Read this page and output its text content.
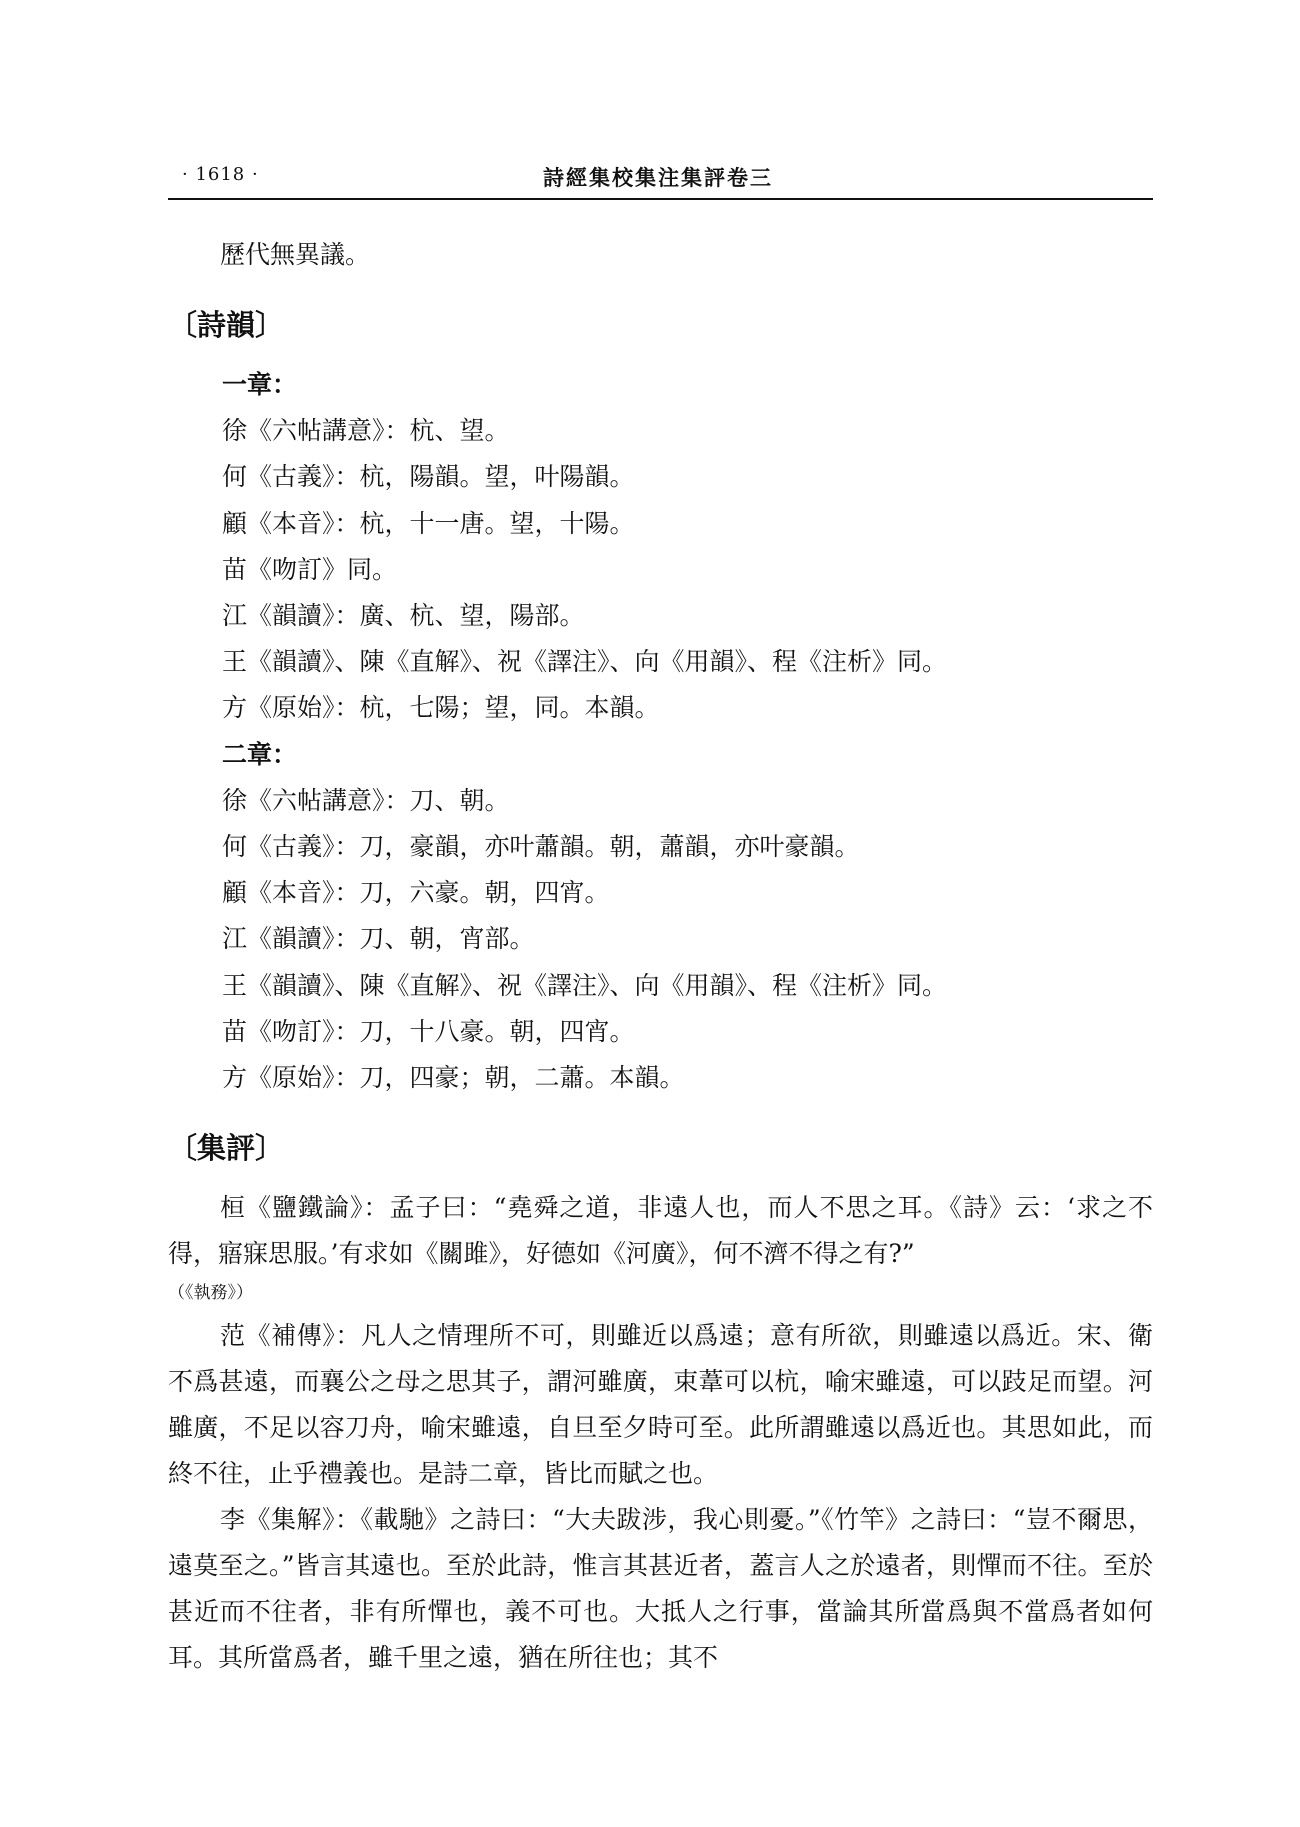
· 1618 ·	詩經集校集注集評卷三

歷代無異議。

〔詩韻〕

一章：

徐《六帖講意》：杭、望。

何《古義》：杭，陽韻。望，叶陽韻。

顧《本音》：杭，十一唐。望，十陽。

苗《吻訂》同。

江《韻讀》：廣、杭、望，陽部。

王《韻讀》、陳《直解》、祝《譯注》、向《用韻》、程《注析》同。

方《原始》：杭，七陽；望，同。本韻。

二章：

徐《六帖講意》：刀、朝。

何《古義》：刀，豪韻，亦叶蕭韻。朝，蕭韻，亦叶豪韻。

顧《本音》：刀，六豪。朝，四宵。

江《韻讀》：刀、朝，宵部。

王《韻讀》、陳《直解》、祝《譯注》、向《用韻》、程《注析》同。

苗《吻訂》：刀，十八豪。朝，四宵。

方《原始》：刀，四豪；朝，二蕭。本韻。

〔集評〕

桓《鹽鐵論》：孟子曰：“堯舜之道，非遠人也，而人不思之耳。《詩》云：‘求之不得，寤寐思服。’有求如《關雎》，好德如《河廣》，何不濟不得之有?”

（《執務》）

范《補傳》：凡人之情理所不可，則雖近以爲遠；意有所欲，則雖遠以爲近。宋、衛不爲甚遠，而襄公之母之思其子，謂河雖廣，束葦可以杭，喻宋雖遠，可以跂足而望。河雖廣，不足以容刀舟，喻宋雖遠，自旦至夕時可至。此所謂雖遠以爲近也。其思如此，而終不往，止乎禮義也。是詩二章，皆比而賦之也。

李《集解》：《載馳》之詩曰：“大夫跋涉，我心則憂。”《竹竿》之詩曰：“豈不爾思，遠莫至之。”皆言其遠也。至於此詩，惟言其甚近者，蓋言人之於遠者，則憚而不往。至於甚近而不往者，非有所憚也，義不可也。大抵人之行事，當論其所當爲與不當爲者如何耳。其所當爲者，雖千里之遠，猶在所往也；其不
